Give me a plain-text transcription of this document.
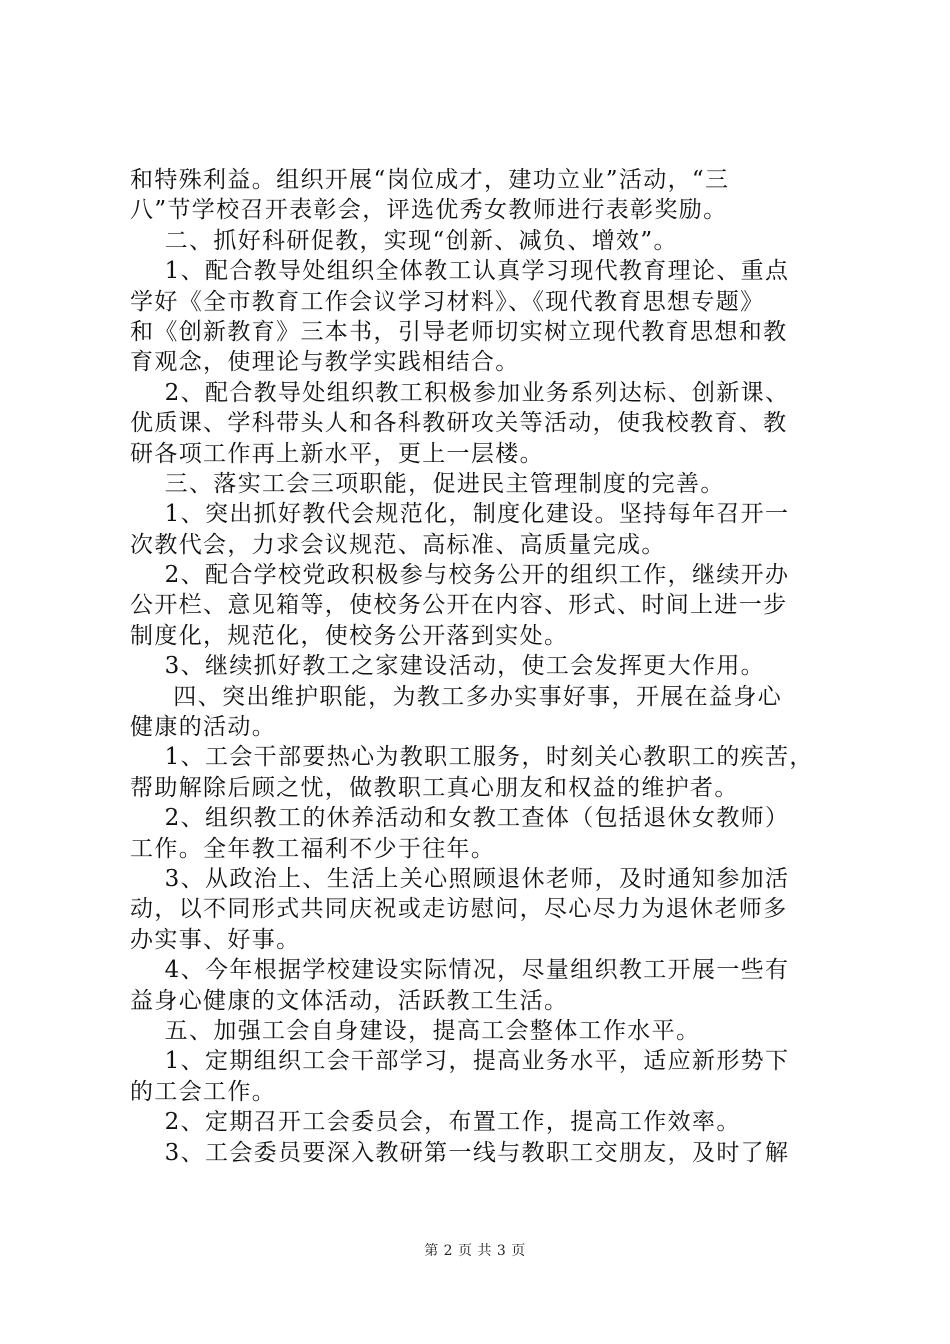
和特殊利益。组织开展“岗位成才，建功立业”活动，“三
八”节学校召开表彰会，评选优秀女教师进行表彰奖励。
二、抓好科研促教，实现“创新、减负、增效”。
1、配合教导处组织全体教工认真学习现代教育理论、重点
学好《全市教育工作会议学习材料》、《现代教育思想专题》
和《创新教育》三本书，引导老师切实树立现代教育思想和教
育观念，使理论与教学实践相结合。
2、配合教导处组织教工积极参加业务系列达标、创新课、
优质课、学科带头人和各科教研攻关等活动，使我校教育、教
研各项工作再上新水平，更上一层楼。
三、落实工会三项职能，促进民主管理制度的完善。
1、突出抓好教代会规范化，制度化建设。坚持每年召开一
次教代会，力求会议规范、高标准、高质量完成。
2、配合学校党政积极参与校务公开的组织工作，继续开办
公开栏、意见箱等，使校务公开在内容、形式、时间上进一步
制度化，规范化，使校务公开落到实处。
3、继续抓好教工之家建设活动，使工会发挥更大作用。
四、突出维护职能，为教工多办实事好事，开展在益身心
健康的活动。
1、工会干部要热心为教职工服务，时刻关心教职工的疾苦，
帮助解除后顾之忧，做教职工真心朋友和权益的维护者。
2、组织教工的休养活动和女教工查体（包括退休女教师）
工作。全年教工福利不少于往年。
3、从政治上、生活上关心照顾退休老师，及时通知参加活
动，以不同形式共同庆祝或走访慰问，尽心尽力为退休老师多
办实事、好事。
4、今年根据学校建设实际情况，尽量组织教工开展一些有
益身心健康的文体活动，活跃教工生活。
五、加强工会自身建设，提高工会整体工作水平。
1、定期组织工会干部学习，提高业务水平，适应新形势下
的工会工作。
2、定期召开工会委员会，布置工作，提高工作效率。
3、工会委员要深入教研第一线与教职工交朋友，及时了解
第 2 页 共 3 页
